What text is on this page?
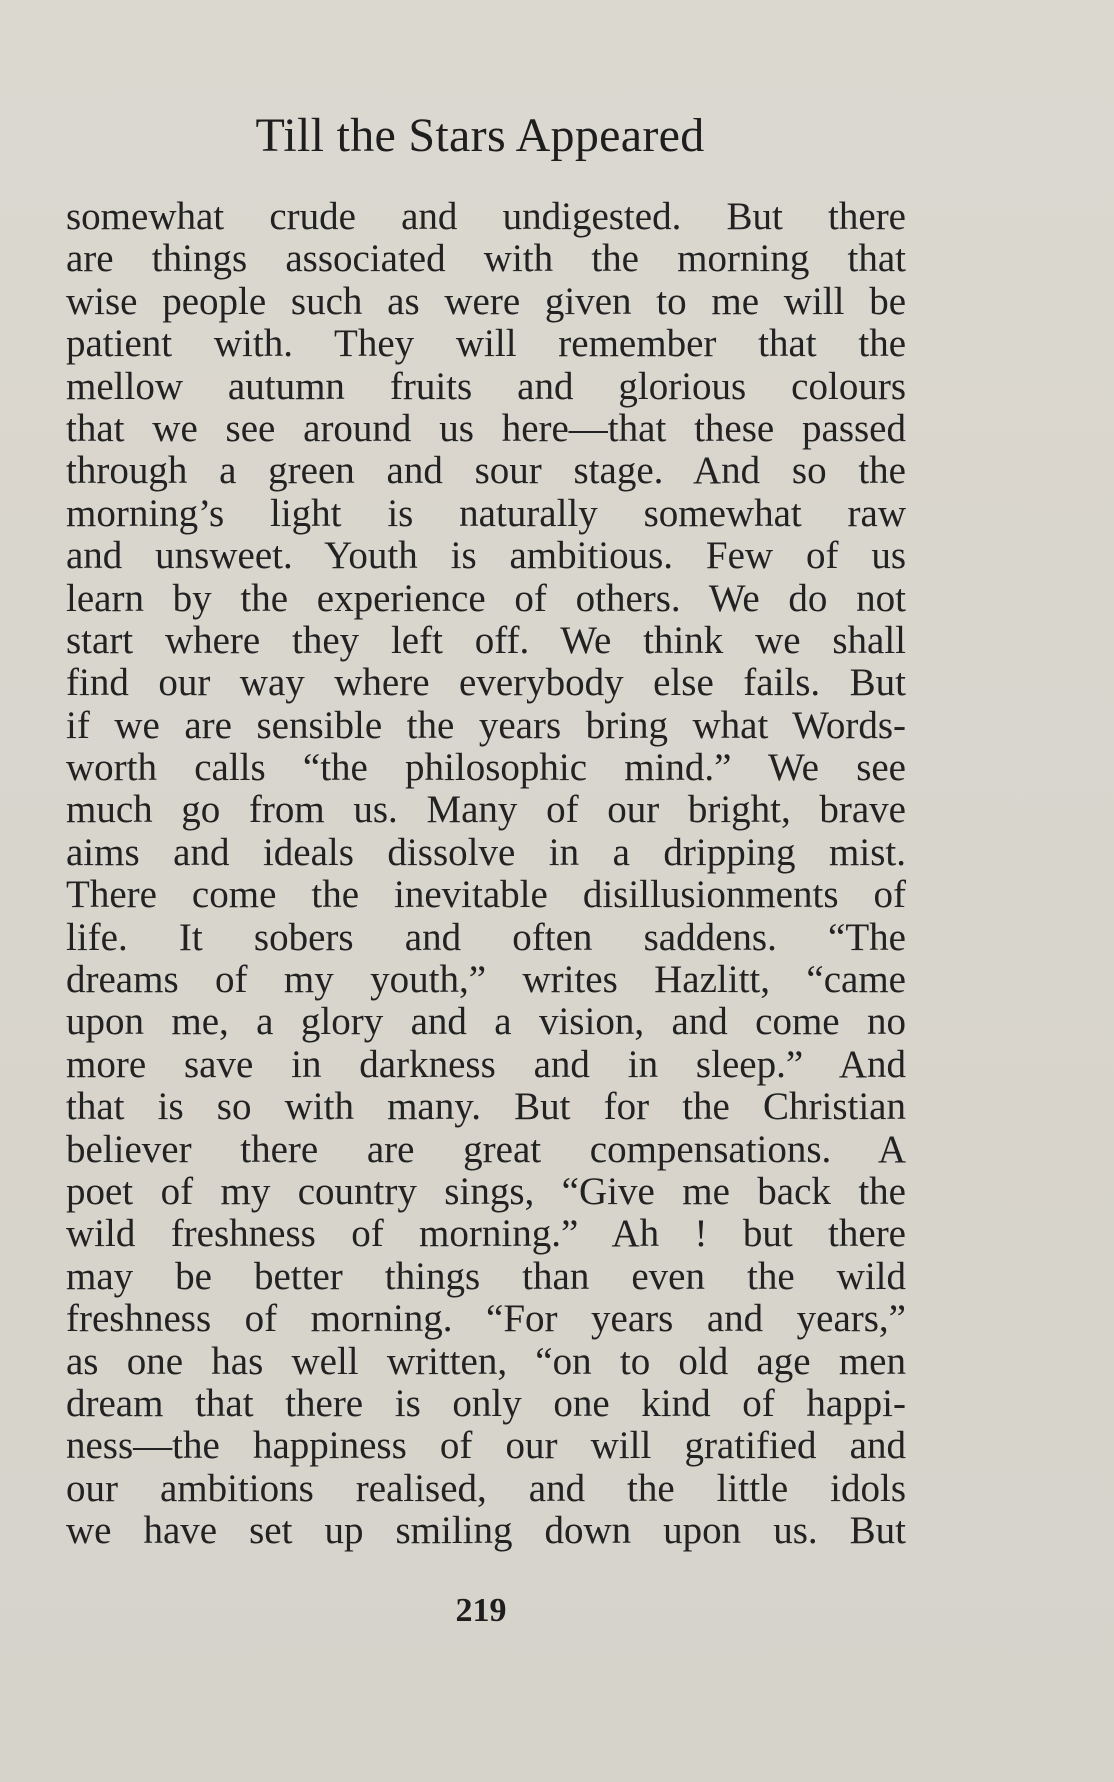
Till the Stars Appeared
somewhat crude and undigested. But there
are things associated with the morning that
wise people such as were given to me will be
patient with. They will remember that the
mellow autumn fruits and glorious colours
that we see around us here—that these passed
through a green and sour stage. And so the
morning’s light is naturally somewhat raw
and unsweet. Youth is ambitious. Few of us
learn by the experience of others. We do not
start where they left off. We think we shall
find our way where everybody else fails. But
if we are sensible the years bring what Words-
worth calls “the philosophic mind.” We see
much go from us. Many of our bright, brave
aims and ideals dissolve in a dripping mist.
There come the inevitable disillusionments of
life. It sobers and often saddens. “The
dreams of my youth,” writes Hazlitt, “came
upon me, a glory and a vision, and come no
more save in darkness and in sleep.” And
that is so with many. But for the Christian
believer there are great compensations. A
poet of my country sings, “Give me back the
wild freshness of morning.” Ah ! but there
may be better things than even the wild
freshness of morning. “For years and years,”
as one has well written, “on to old age men
dream that there is only one kind of happi-
ness—the happiness of our will gratified and
our ambitions realised, and the little idols
we have set up smiling down upon us. But
219
